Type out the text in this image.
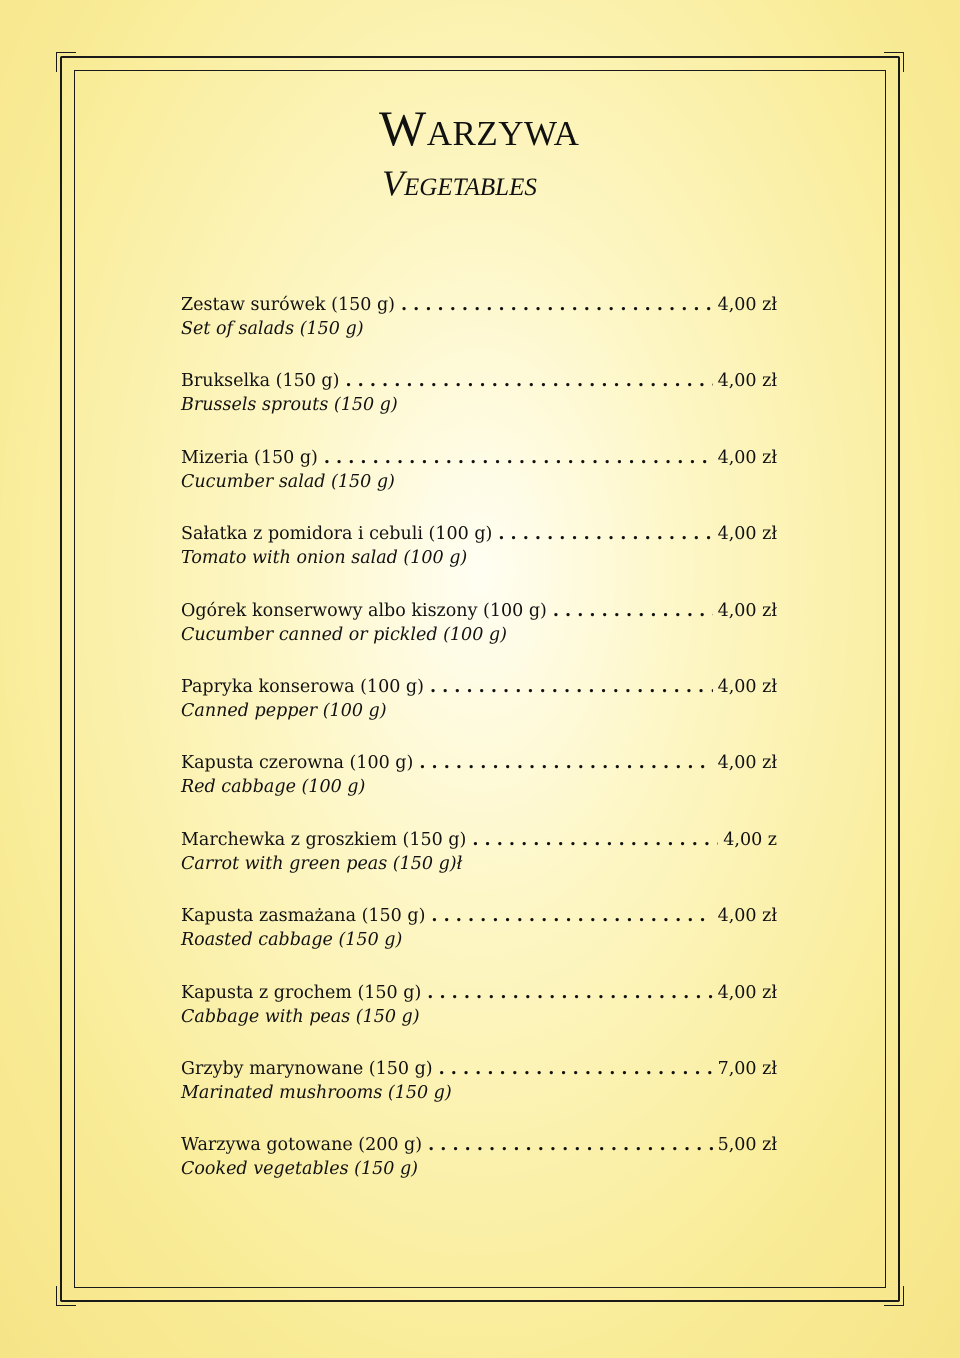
Warzywa
Vegetables
Zestaw surówek (150 g) . . .	4,00 zł
Set of salads (150 g)
Brukselka (150 g) . . .	4,00 zł
Brussels sprouts (150 g)
Mizeria (150 g) . . .	4,00 zł
Cucumber salad (150 g)
Sałatka z pomidora i cebuli (100 g) . . .	4,00 zł
Tomato with onion salad (100 g)
Ogórek konserwowy albo kiszony (100 g) . . .	4,00 zł
Cucumber canned or pickled (100 g)
Papryka konserowa (100 g) . . .	4,00 zł
Canned pepper (100 g)
Kapusta czerowna (100 g) . . .	4,00 zł
Red cabbage (100 g)
Marchewka z groszkiem (150 g) . . .	4,00 z
Carrot with green peas (150 g)ł
Kapusta zasmażana (150 g) . . .	4,00 zł
Roasted cabbage (150 g)
Kapusta z grochem (150 g) . . .	4,00 zł
Cabbage with peas (150 g)
Grzyby marynowane (150 g) . . .	7,00 zł
Marinated mushrooms (150 g)
Warzywa gotowane (200 g) . . .	5,00 zł
Cooked vegetables (150 g)
